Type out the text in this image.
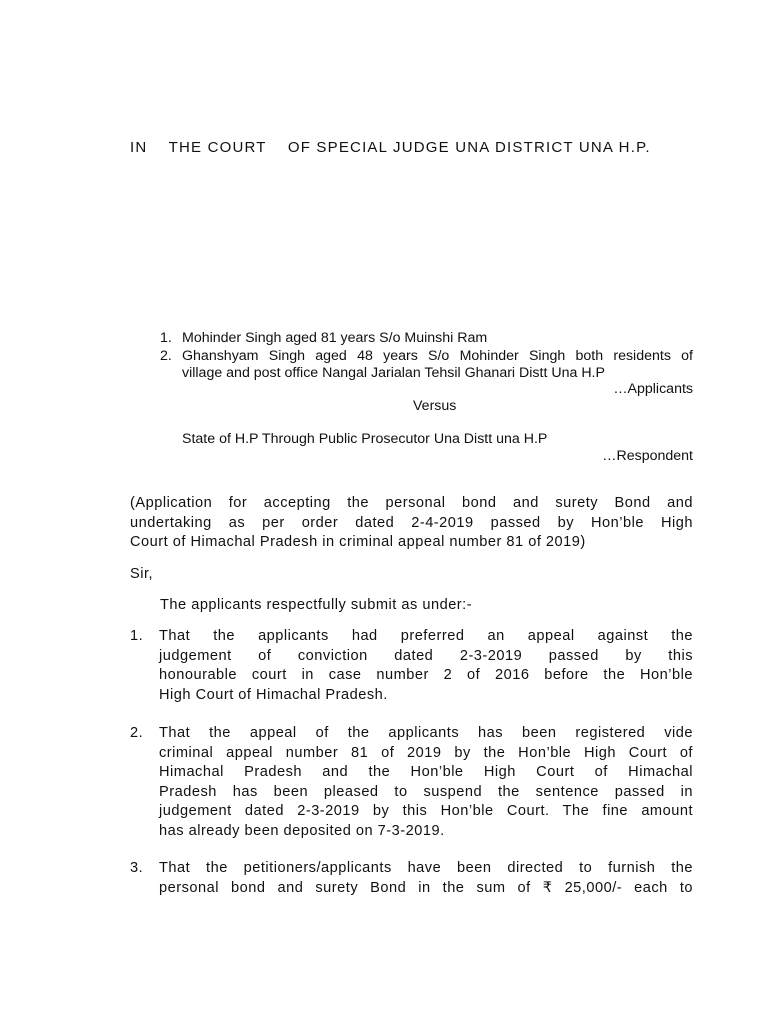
IN    THE COURT    OF SPECIAL JUDGE UNA DISTRICT UNA H.P.
1. Mohinder Singh aged 81 years S/o Muinshi Ram
2. Ghanshyam Singh aged 48 years S/o Mohinder Singh both residents of
village and post office Nangal Jarialan Tehsil Ghanari Distt Una H.P
…Applicants
Versus
State of H.P Through Public Prosecutor Una Distt una H.P
…Respondent
(Application for accepting the personal bond and surety Bond and
undertaking as per order dated 2-4-2019 passed by Hon’ble High
Court of Himachal Pradesh in criminal appeal number 81 of 2019)
Sir,
The applicants respectfully submit as under:-
1. That the applicants had preferred an appeal against the
judgement of conviction dated 2-3-2019 passed by this
honourable court in case number 2 of 2016 before the Hon’ble
High Court of Himachal Pradesh.
2. That the appeal of the applicants has been registered vide
criminal appeal number 81 of 2019 by the Hon’ble High Court of
Himachal Pradesh and the Hon’ble High Court of Himachal
Pradesh has been pleased to suspend the sentence passed in
judgement dated 2-3-2019 by this Hon’ble Court. The fine amount
has already been deposited on 7-3-2019.
3. That the petitioners/applicants have been directed to furnish the
personal bond and surety Bond in the sum of ₹ 25,000/- each to
